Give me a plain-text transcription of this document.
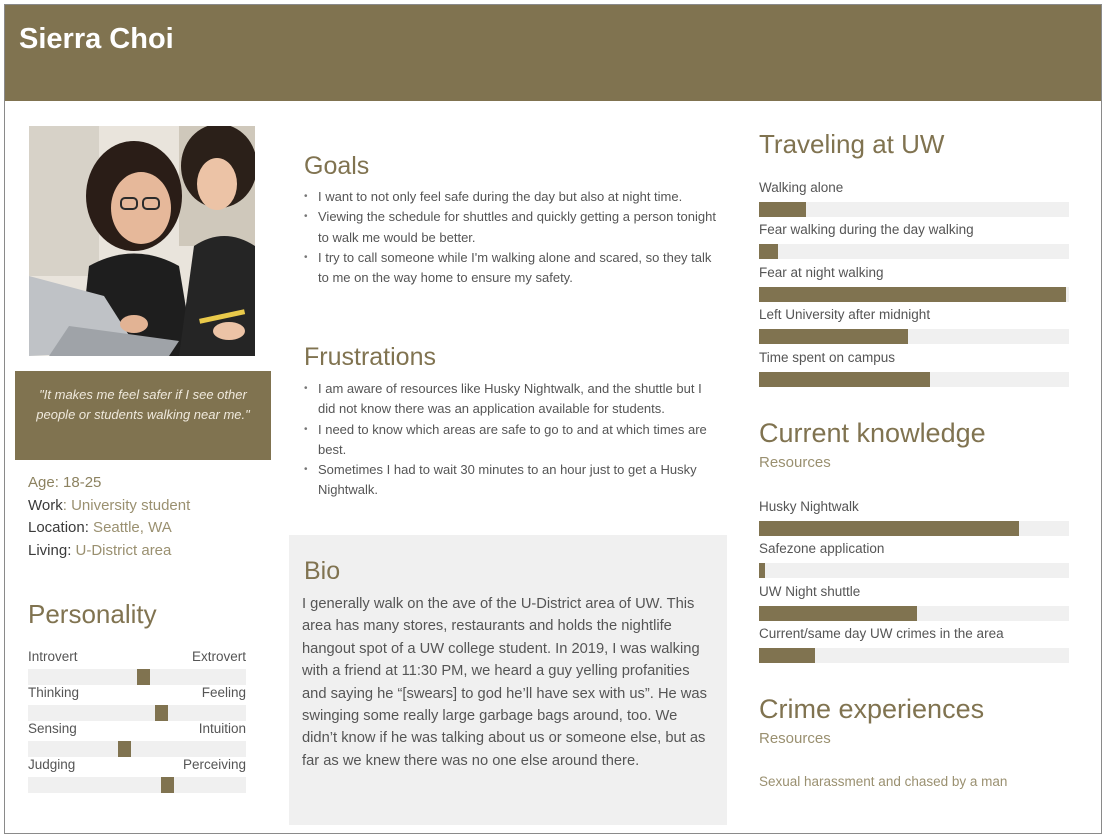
Sierra Choi
"It makes me feel safer if I see other people or students walking near me."
Age: 18-25
Work: University student
Location: Seattle, WA
Living: U-District area
Personality
Introvert	Extrovert
Thinking	Feeling
Sensing	Intuition
Judging	Perceiving
Goals
• I want to not only feel safe during the day but also at night time.
• Viewing the schedule for shuttles and quickly getting a person tonight to walk me would be better.
• I try to call someone while I'm walking alone and scared, so they talk to me on the way home to ensure my safety.
Frustrations
• I am aware of resources like Husky Nightwalk, and the shuttle but I did not know there was an application available for students.
• I need to know which areas are safe to go to and at which times are best.
• Sometimes I had to wait 30 minutes to an hour just to get a Husky Nightwalk.
Bio
I generally walk on the ave of the U-District area of UW. This area has many stores, restaurants and holds the nightlife hangout spot of a UW college student. In 2019, I was walking with a friend at 11:30 PM, we heard a guy yelling profanities and saying he “[swears] to god he’ll have sex with us”. He was swinging some really large garbage bags around, too. We didn’t know if he was talking about us or someone else, but as far as we knew there was no one else around there.
Traveling at UW
Walking alone
Fear walking during the day walking
Fear at night walking
Left University after midnight
Time spent on campus
Current knowledge
Resources
Husky Nightwalk
Safezone application
UW Night shuttle
Current/same day UW crimes in the area
Crime experiences
Resources
Sexual harassment and chased by a man
